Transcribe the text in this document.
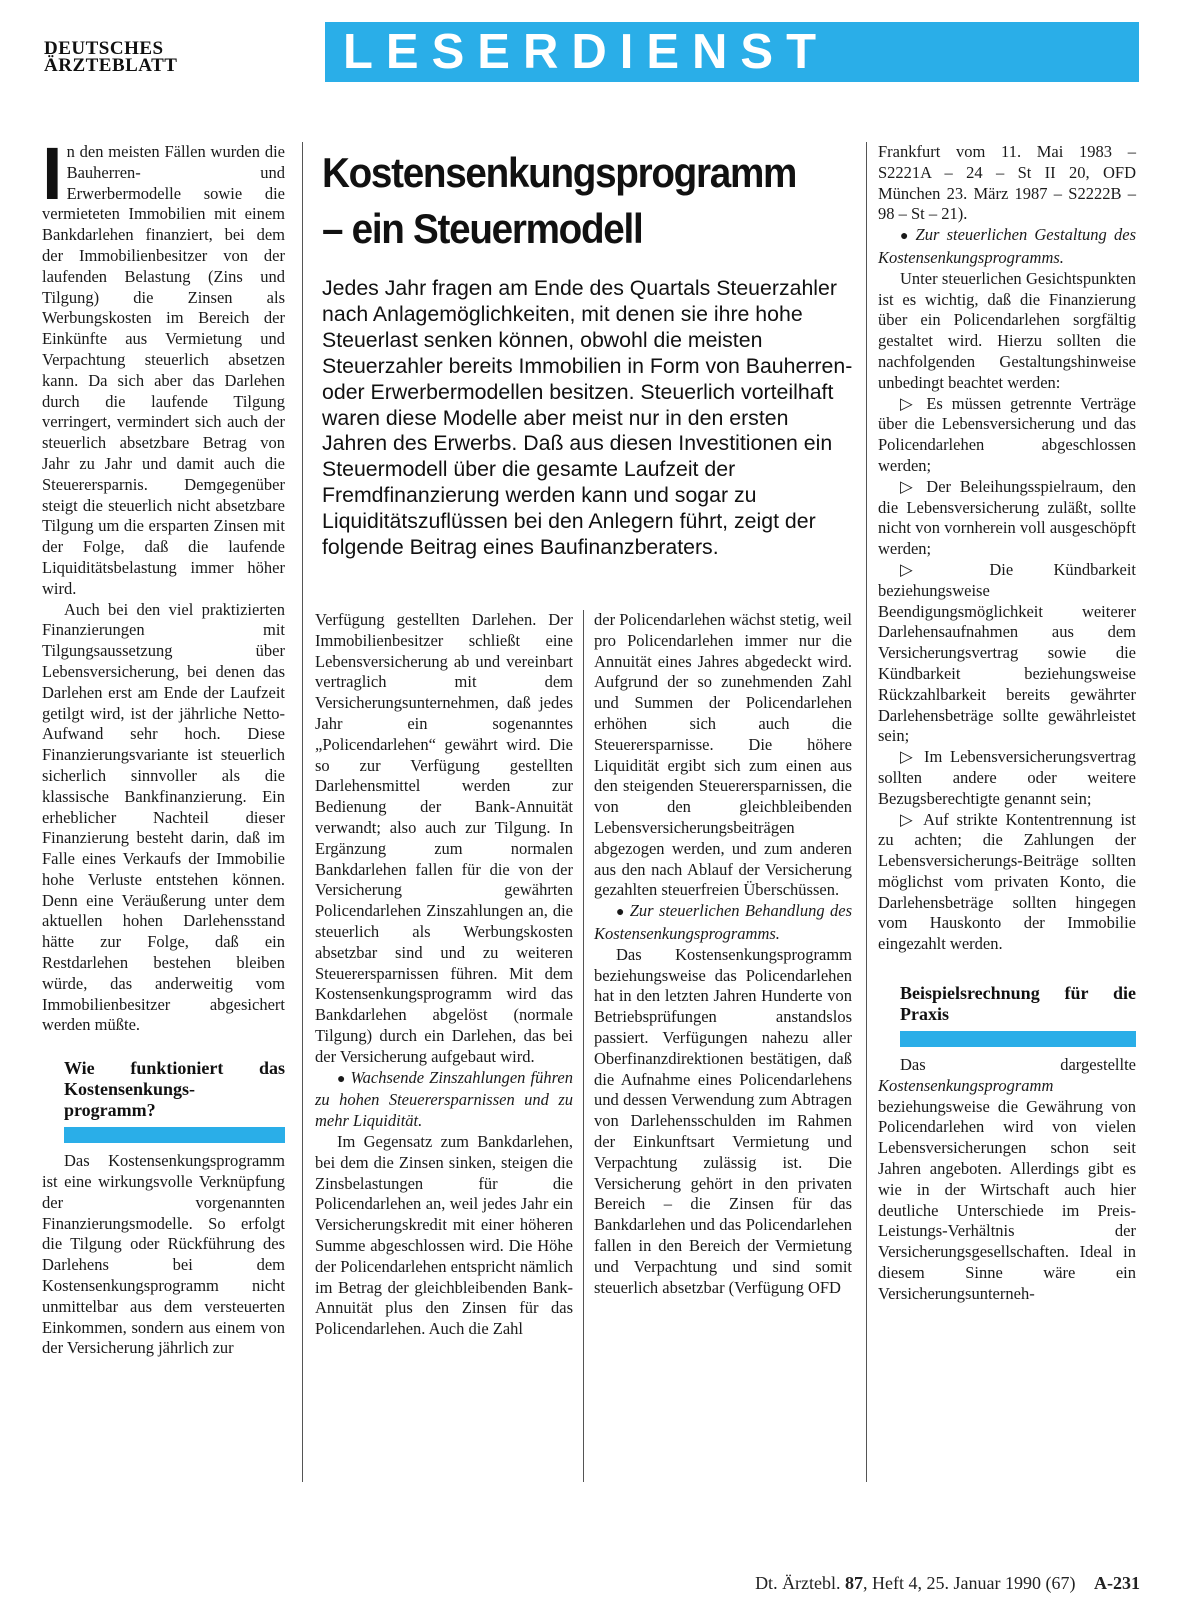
DEUTSCHES
ÄRZTEBLATT	LESERDIENST

In den meisten Fällen wurden die Bauherren- und Erwerbermodelle sowie die vermieteten Immobilien mit einem Bankdarlehen finanziert, bei dem der Immobilienbesitzer von der laufenden Belastung (Zins und Tilgung) die Zinsen als Werbungskosten im Bereich der Einkünfte aus Vermietung und Verpachtung steuerlich absetzen kann. Da sich aber das Darlehen durch die laufende Tilgung verringert, vermindert sich auch der steuerlich absetzbare Betrag von Jahr zu Jahr und damit auch die Steuerersparnis. Demgegenüber steigt die steuerlich nicht absetzbare Tilgung um die ersparten Zinsen mit der Folge, daß die laufende Liquiditätsbelastung immer höher wird.

Auch bei den viel praktizierten Finanzierungen mit Tilgungsaussetzung über Lebensversicherung, bei denen das Darlehen erst am Ende der Laufzeit getilgt wird, ist der jährliche Netto-Aufwand sehr hoch. Diese Finanzierungsvariante ist steuerlich sicherlich sinnvoller als die klassische Bankfinanzierung. Ein erheblicher Nachteil dieser Finanzierung besteht darin, daß im Falle eines Verkaufs der Immobilie hohe Verluste entstehen können. Denn eine Veräußerung unter dem aktuellen hohen Darlehensstand hätte zur Folge, daß ein Restdarlehen bestehen bleiben würde, das anderweitig vom Immobilienbesitzer abgesichert werden müßte.

Wie funktioniert das Kostensenkungs-programm?

Das Kostensenkungsprogramm ist eine wirkungsvolle Verknüpfung der vorgenannten Finanzierungsmodelle. So erfolgt die Tilgung oder Rückführung des Darlehens bei dem Kostensenkungsprogramm nicht unmittelbar aus dem versteuerten Einkommen, sondern aus einem von der Versicherung jährlich zur

Kostensenkungsprogramm
– ein Steuermodell
Jedes Jahr fragen am Ende des Quartals Steuerzahler nach Anlagemöglichkeiten, mit denen sie ihre hohe Steuerlast senken können, obwohl die meisten Steuerzahler bereits Immobilien in Form von Bauherren- oder Erwerbermodellen besitzen. Steuerlich vorteilhaft waren diese Modelle aber meist nur in den ersten Jahren des Erwerbs. Daß aus diesen Investitionen ein Steuermodell über die gesamte Laufzeit der Fremdfinanzierung werden kann und sogar zu Liquiditätszuflüssen bei den Anlegern führt, zeigt der folgende Beitrag eines Baufinanzberaters.

Verfügung gestellten Darlehen. Der Immobilienbesitzer schließt eine Lebensversicherung ab und vereinbart vertraglich mit dem Versicherungsunternehmen, daß jedes Jahr ein sogenanntes „Policendarlehen“ gewährt wird. Die so zur Verfügung gestellten Darlehensmittel werden zur Bedienung der Bank-Annuität verwandt; also auch zur Tilgung. In Ergänzung zum normalen Bankdarlehen fallen für die von der Versicherung gewährten Policendarlehen Zinszahlungen an, die steuerlich als Werbungskosten absetzbar sind und zu weiteren Steuerersparnissen führen. Mit dem Kostensenkungsprogramm wird das Bankdarlehen abgelöst (normale Tilgung) durch ein Darlehen, das bei der Versicherung aufgebaut wird.

● Wachsende Zinszahlungen führen zu hohen Steuerersparnissen und zu mehr Liquidität.

Im Gegensatz zum Bankdarlehen, bei dem die Zinsen sinken, steigen die Zinsbelastungen für die Policendarlehen an, weil jedes Jahr ein Versicherungskredit mit einer höheren Summe abgeschlossen wird. Die Höhe der Policendarlehen entspricht nämlich im Betrag der gleichbleibenden Bank-Annuität plus den Zinsen für das Policendarlehen. Auch die Zahl

der Policendarlehen wächst stetig, weil pro Policendarlehen immer nur die Annuität eines Jahres abgedeckt wird. Aufgrund der so zunehmenden Zahl und Summen der Policendarlehen erhöhen sich auch die Steuerersparnisse. Die höhere Liquidität ergibt sich zum einen aus den steigenden Steuerersparnissen, die von den gleichbleibenden Lebensversicherungsbeiträgen abgezogen werden, und zum anderen aus den nach Ablauf der Versicherung gezahlten steuerfreien Überschüssen.

● Zur steuerlichen Behandlung des Kostensenkungsprogramms.

Das Kostensenkungsprogramm beziehungsweise das Policendarlehen hat in den letzten Jahren Hunderte von Betriebsprüfungen anstandslos passiert. Verfügungen nahezu aller Oberfinanzdirektionen bestätigen, daß die Aufnahme eines Policendarlehens und dessen Verwendung zum Abtragen von Darlehensschulden im Rahmen der Einkunftsart Vermietung und Verpachtung zulässig ist. Die Versicherung gehört in den privaten Bereich – die Zinsen für das Bankdarlehen und das Policendarlehen fallen in den Bereich der Vermietung und Verpachtung und sind somit steuerlich absetzbar (Verfügung OFD

Frankfurt vom 11. Mai 1983 – S2221A – 24 – St II 20, OFD München 23. März 1987 – S2222B – 98 – St – 21).

● Zur steuerlichen Gestaltung des Kostensenkungsprogramms.

Unter steuerlichen Gesichtspunkten ist es wichtig, daß die Finanzierung über ein Policendarlehen sorgfältig gestaltet wird. Hierzu sollten die nachfolgenden Gestaltungshinweise unbedingt beachtet werden:

▷ Es müssen getrennte Verträge über die Lebensversicherung und das Policendarlehen abgeschlossen werden;

▷ Der Beleihungsspielraum, den die Lebensversicherung zuläßt, sollte nicht von vornherein voll ausgeschöpft werden;

▷ Die Kündbarkeit beziehungsweise Beendigungsmöglichkeit weiterer Darlehensaufnahmen aus dem Versicherungsvertrag sowie die Kündbarkeit beziehungsweise Rückzahlbarkeit bereits gewährter Darlehensbeträge sollte gewährleistet sein;

▷ Im Lebensversicherungsvertrag sollten andere oder weitere Bezugsberechtigte genannt sein;

▷ Auf strikte Kontentrennung ist zu achten; die Zahlungen der Lebensversicherungs-Beiträge sollten möglichst vom privaten Konto, die Darlehensbeträge sollten hingegen vom Hauskonto der Immobilie eingezahlt werden.

Beispielsrechnung für die Praxis

Das dargestellte Kostensenkungsprogramm beziehungsweise die Gewährung von Policendarlehen wird von vielen Lebensversicherungen schon seit Jahren angeboten. Allerdings gibt es wie in der Wirtschaft auch hier deutliche Unterschiede im Preis-Leistungs-Verhältnis der Versicherungsgesellschaften. Ideal in diesem Sinne wäre ein Versicherungsunterneh-

Dt. Ärztebl. 87, Heft 4, 25. Januar 1990 (67) A-231
